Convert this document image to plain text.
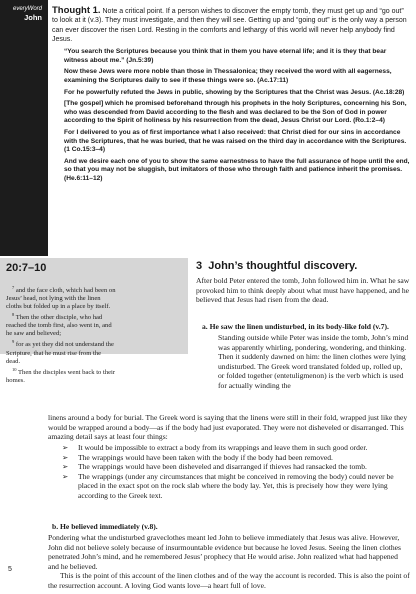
everyWord
John

Thought 1. Note a critical point. If a person wishes to discover the empty tomb, they must get up and “go out” to look at it (v.3). They must investigate, and then they will see. Getting up and “going out” is the only way a person can ever discover the risen Lord. Resting in the comforts and lethargy of this world will never help anybody find Jesus.

“You search the Scriptures because you think that in them you have eternal life; and it is they that bear witness about me.” (Jn.5:39)

Now these Jews were more noble than those in Thessalonica; they received the word with all eagerness, examining the Scriptures daily to see if these things were so. (Ac.17:11)

For he powerfully refuted the Jews in public, showing by the Scriptures that the Christ was Jesus. (Ac.18:28)

[The gospel] which he promised beforehand through his prophets in the holy Scriptures, concerning his Son, who was descended from David according to the flesh and was declared to be the Son of God in power according to the Spirit of holiness by his resurrection from the dead, Jesus Christ our Lord. (Ro.1:2–4)

For I delivered to you as of first importance what I also received: that Christ died for our sins in accordance with the Scriptures, that he was buried, that he was raised on the third day in accordance with the Scriptures. (1 Co.15:3–4)

And we desire each one of you to show the same earnestness to have the full assurance of hope until the end, so that you may not be sluggish, but imitators of those who through faith and patience inherit the promises. (He.6:11–12)

20:7–10

$^7$ and the face cloth, which had been on Jesus’ head, not lying with the linen cloths but folded up in a place by itself.

$^8$ Then the other disciple, who had reached the tomb first, also went in, and he saw and believed;

$^9$ for as yet they did not understand the Scripture, that he must rise from the dead.

$^{10}$ Then the disciples went back to their homes.

3 John’s thoughtful discovery.

After bold Peter entered the tomb, John followed him in. What he saw provoked him to think deeply about what must have happened, and he believed that Jesus had risen from the dead.

a. He saw the linen undisturbed, in its body-like fold (v.7).

Standing outside while Peter was inside the tomb, John’s mind was apparently whirling, pondering, wondering, and thinking. Then it suddenly dawned on him: the linen clothes were lying undisturbed. The Greek word translated folded up, rolled up, or folded together (entetuligmenon) is the verb which is used for actually winding the

linens around a body for burial. The Greek word is saying that the linens were still in their fold, wrapped just like they would be wrapped around a body—as if the body had just evaporated. They were not disheveled or disarranged. This amazing detail says at least four things:

➢ It would be impossible to extract a body from its wrappings and leave them in such good order.
➢ The wrappings would have been taken with the body if the body had been removed.
➢ The wrappings would have been disheveled and disarranged if thieves had ransacked the tomb.
➢ The wrappings (under any circumstances that might be conceived in removing the body) could never be placed in the exact spot on the rock slab where the body lay. Yet, this is precisely how they were lying according to the Greek text.
b. He believed immediately (v.8).

Pondering what the undisturbed graveclothes meant led John to believe immediately that Jesus was alive. However, John did not believe solely because of insurmountable evidence but because he loved Jesus. Seeing the linen clothes penetrated John’s mind, and he remembered Jesus’ prophecy that He would arise. John realized what had happened and he believed.

This is the point of this account of the linen clothes and of the way the account is recorded. This is also the point of the resurrection account. A loving God wants love—a heart full of love.

5
